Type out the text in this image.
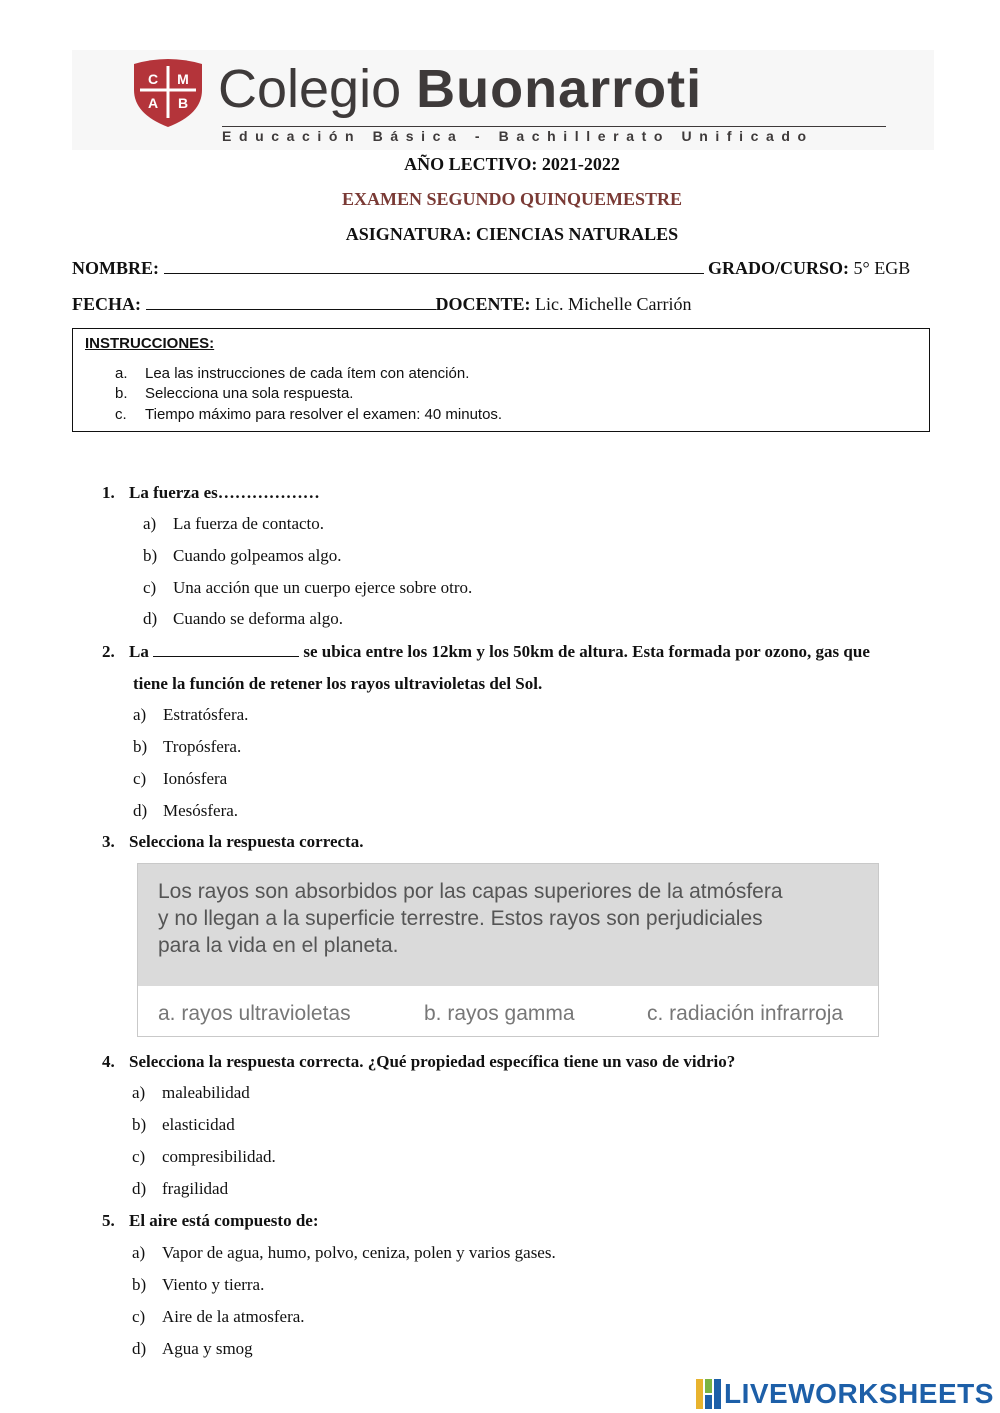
C M
A B Colegio Buonarroti
Educación Básica - Bachillerato Unificado
AÑO LECTIVO: 2021-2022
EXAMEN SEGUNDO QUINQUEMESTRE
ASIGNATURA: CIENCIAS NATURALES
NOMBRE:	GRADO/CURSO: 5° EGB
FECHA:	DOCENTE: Lic. Michelle Carrión
INSTRUCCIONES:
a. Lea las instrucciones de cada ítem con atención.
b. Selecciona una sola respuesta.
c. Tiempo máximo para resolver el examen: 40 minutos.
1. La fuerza es………………
a) La fuerza de contacto.
b) Cuando golpeamos algo.
c) Una acción que un cuerpo ejerce sobre otro.
d) Cuando se deforma algo.
2. La	se ubica entre los 12km y los 50km de altura. Esta formada por ozono, gas que
tiene la función de retener los rayos ultravioletas del Sol.
a) Estratósfera.
b) Tropósfera.
c) Ionósfera
d) Mesósfera.
3. Selecciona la respuesta correcta.
Los rayos son absorbidos por las capas superiores de la atmósfera
y no llegan a la superficie terrestre. Estos rayos son perjudiciales
para la vida en el planeta.
a. rayos ultravioletas	b. rayos gamma	c. radiación infrarroja
4. Selecciona la respuesta correcta. ¿Qué propiedad específica tiene un vaso de vidrio?
a) maleabilidad
b) elasticidad
c) compresibilidad.
d) fragilidad
5. El aire está compuesto de:
a) Vapor de agua, humo, polvo, ceniza, polen y varios gases.
b) Viento y tierra.
c) Aire de la atmosfera.
d) Agua y smog
LIVEWORKSHEETS
